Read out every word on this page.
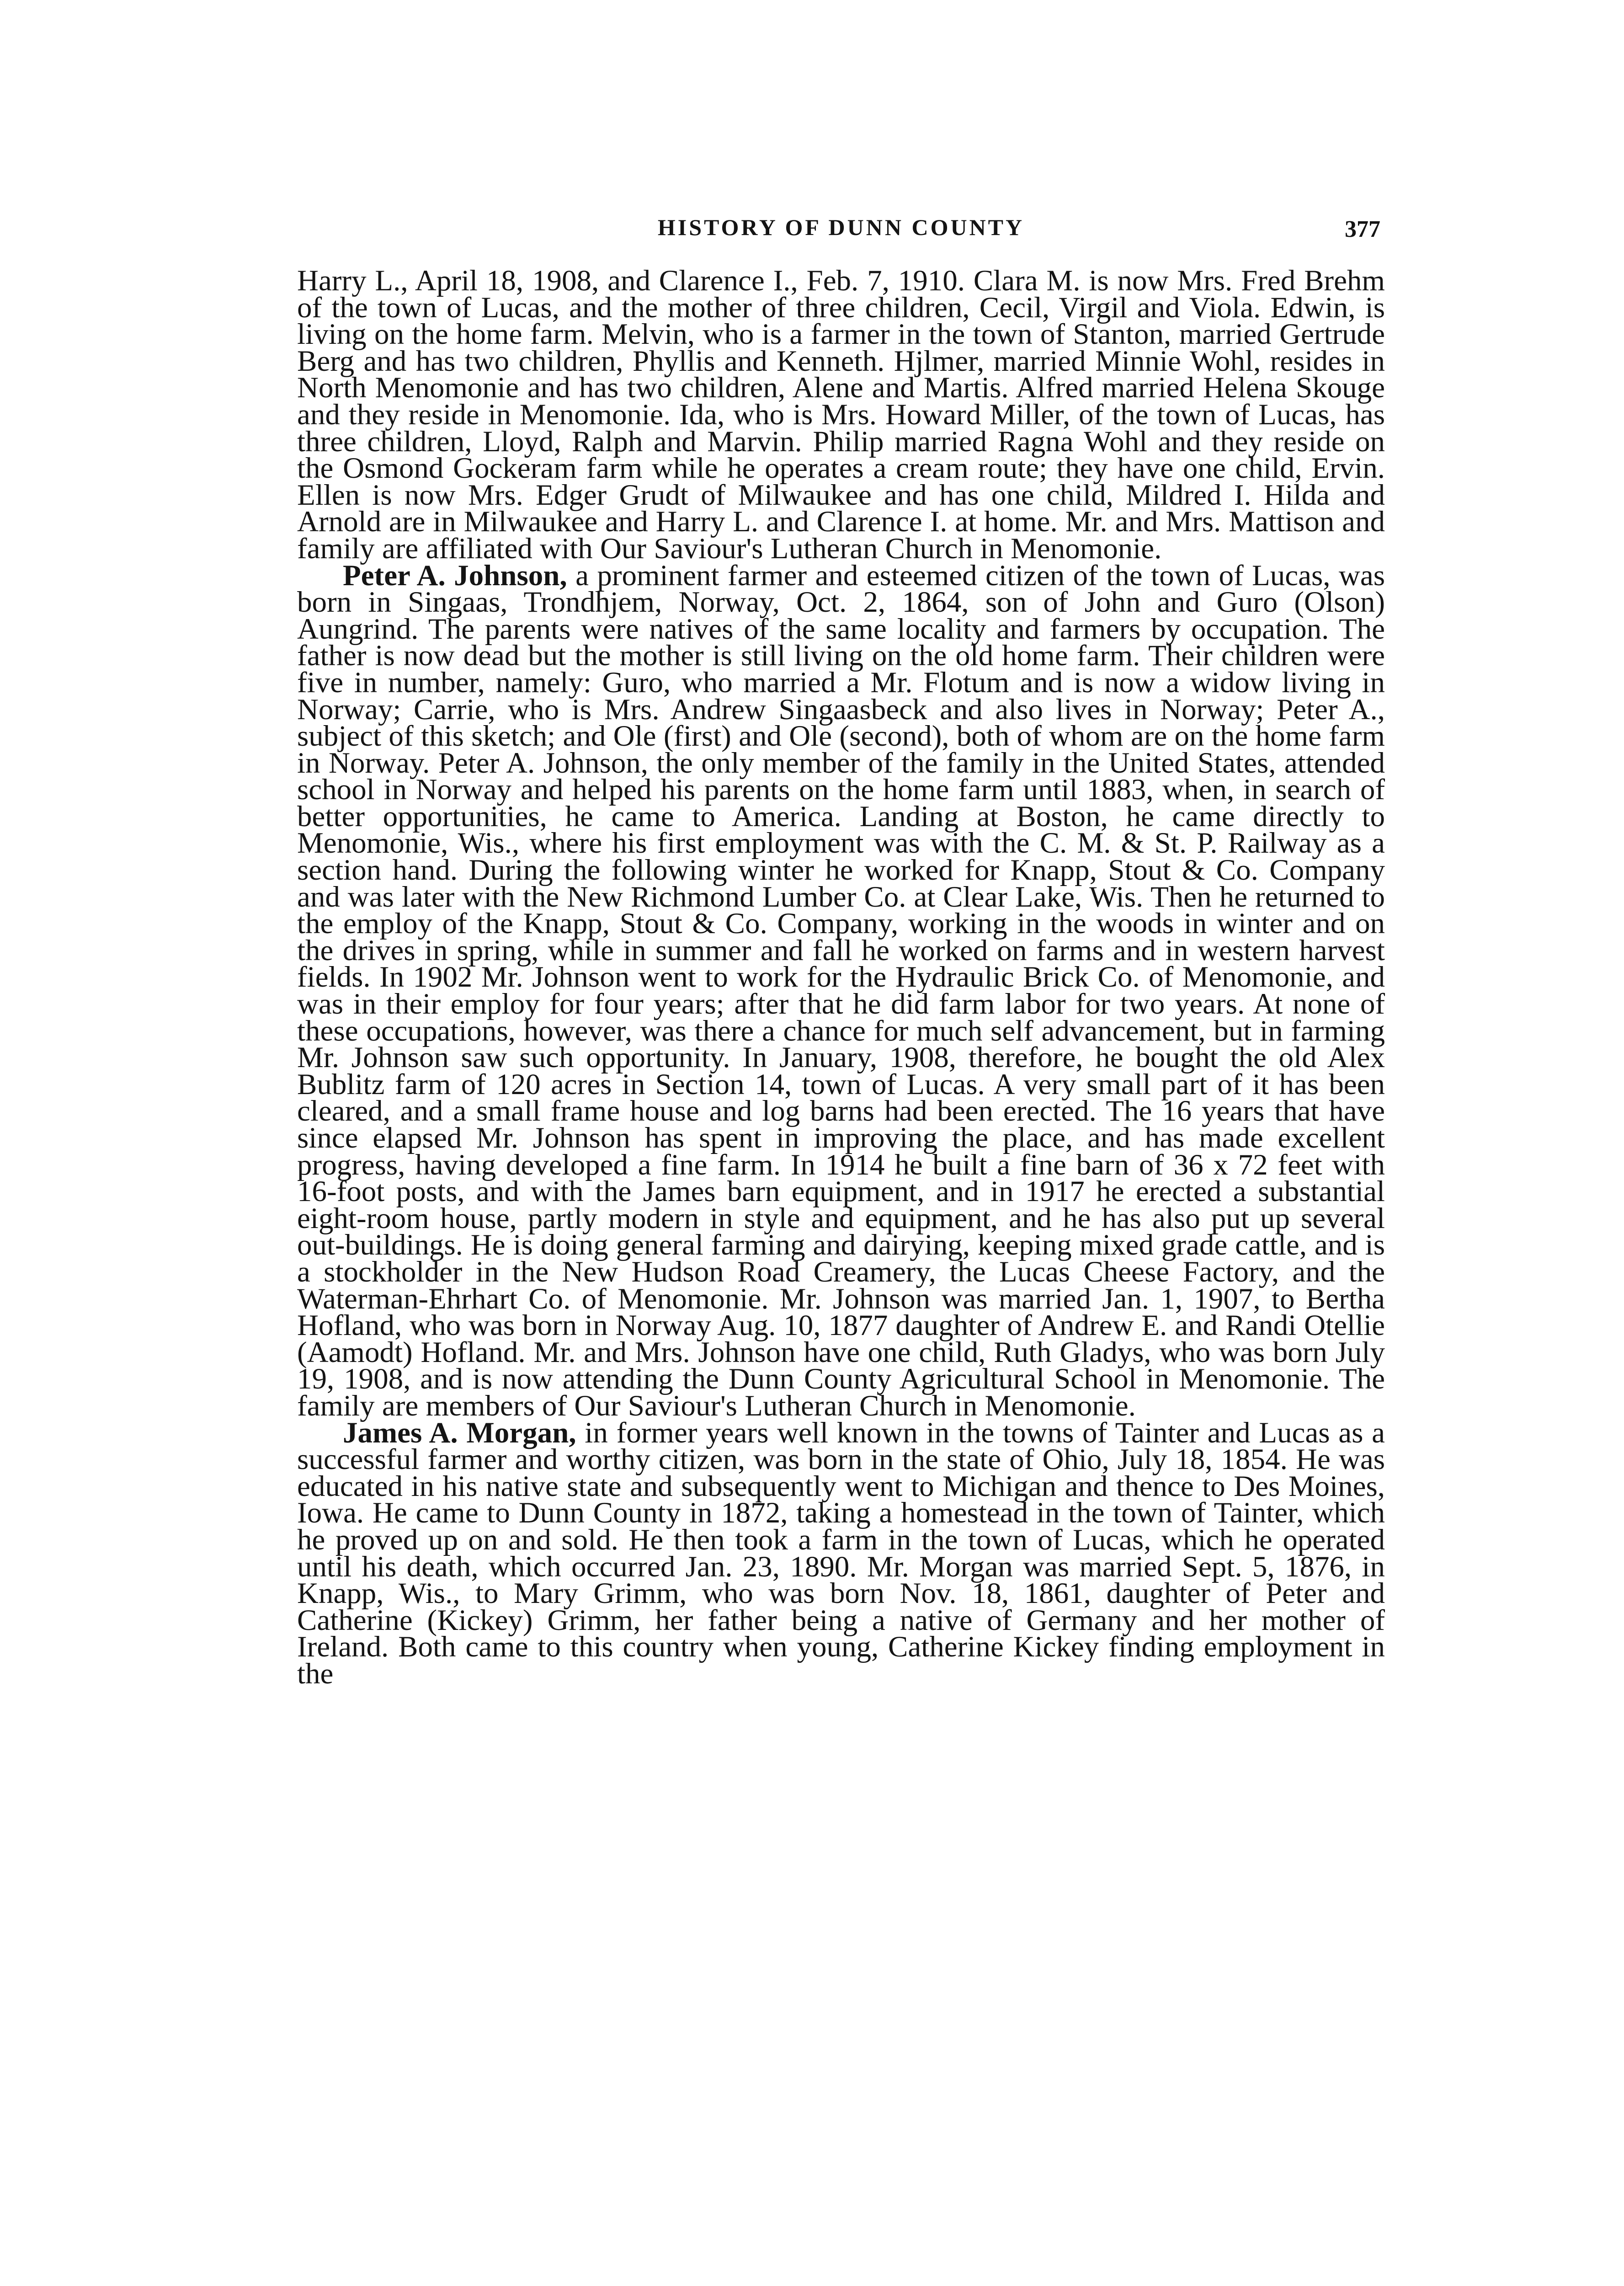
HISTORY OF DUNN COUNTY	377

Harry L., April 18, 1908, and Clarence I., Feb. 7, 1910. Clara M. is now Mrs. Fred Brehm of the town of Lucas, and the mother of three children, Cecil, Virgil and Viola. Edwin, is living on the home farm. Melvin, who is a farmer in the town of Stanton, married Gertrude Berg and has two children, Phyllis and Kenneth. Hjlmer, married Minnie Wohl, resides in North Menomonie and has two children, Alene and Martis. Alfred married Helena Skouge and they reside in Menomonie. Ida, who is Mrs. Howard Miller, of the town of Lucas, has three children, Lloyd, Ralph and Marvin. Philip married Ragna Wohl and they reside on the Osmond Gockeram farm while he operates a cream route; they have one child, Ervin. Ellen is now Mrs. Edger Grudt of Milwaukee and has one child, Mildred I. Hilda and Arnold are in Milwaukee and Harry L. and Clarence I. at home. Mr. and Mrs. Mattison and family are affiliated with Our Saviour's Lutheran Church in Menomonie.

Peter A. Johnson, a prominent farmer and esteemed citizen of the town of Lucas, was born in Singaas, Trondhjem, Norway, Oct. 2, 1864, son of John and Guro (Olson) Aungrind. The parents were natives of the same locality and farmers by occupation. The father is now dead but the mother is still living on the old home farm. Their children were five in number, namely: Guro, who married a Mr. Flotum and is now a widow living in Norway; Carrie, who is Mrs. Andrew Singaasbeck and also lives in Norway; Peter A., subject of this sketch; and Ole (first) and Ole (second), both of whom are on the home farm in Norway. Peter A. Johnson, the only member of the family in the United States, attended school in Norway and helped his parents on the home farm until 1883, when, in search of better opportunities, he came to America. Landing at Boston, he came directly to Menomonie, Wis., where his first employment was with the C. M. & St. P. Railway as a section hand. During the following winter he worked for Knapp, Stout & Co. Company and was later with the New Richmond Lumber Co. at Clear Lake, Wis. Then he returned to the employ of the Knapp, Stout & Co. Company, working in the woods in winter and on the drives in spring, while in summer and fall he worked on farms and in western harvest fields. In 1902 Mr. Johnson went to work for the Hydraulic Brick Co. of Menomonie, and was in their employ for four years; after that he did farm labor for two years. At none of these occupations, however, was there a chance for much self advancement, but in farming Mr. Johnson saw such opportunity. In January, 1908, therefore, he bought the old Alex Bublitz farm of 120 acres in Section 14, town of Lucas. A very small part of it has been cleared, and a small frame house and log barns had been erected. The 16 years that have since elapsed Mr. Johnson has spent in improving the place, and has made excellent progress, having developed a fine farm. In 1914 he built a fine barn of 36 x 72 feet with 16-foot posts, and with the James barn equipment, and in 1917 he erected a substantial eight-room house, partly modern in style and equipment, and he has also put up several out-buildings. He is doing general farming and dairying, keeping mixed grade cattle, and is a stockholder in the New Hudson Road Creamery, the Lucas Cheese Factory, and the Waterman-Ehrhart Co. of Menomonie. Mr. Johnson was married Jan. 1, 1907, to Bertha Hofland, who was born in Norway Aug. 10, 1877 daughter of Andrew E. and Randi Otellie (Aamodt) Hofland. Mr. and Mrs. Johnson have one child, Ruth Gladys, who was born July 19, 1908, and is now attending the Dunn County Agricultural School in Menomonie. The family are members of Our Saviour's Lutheran Church in Menomonie.

James A. Morgan, in former years well known in the towns of Tainter and Lucas as a successful farmer and worthy citizen, was born in the state of Ohio, July 18, 1854. He was educated in his native state and subsequently went to Michigan and thence to Des Moines, Iowa. He came to Dunn County in 1872, taking a homestead in the town of Tainter, which he proved up on and sold. He then took a farm in the town of Lucas, which he operated until his death, which occurred Jan. 23, 1890. Mr. Morgan was married Sept. 5, 1876, in Knapp, Wis., to Mary Grimm, who was born Nov. 18, 1861, daughter of Peter and Catherine (Kickey) Grimm, her father being a native of Germany and her mother of Ireland. Both came to this country when young, Catherine Kickey finding employment in the
